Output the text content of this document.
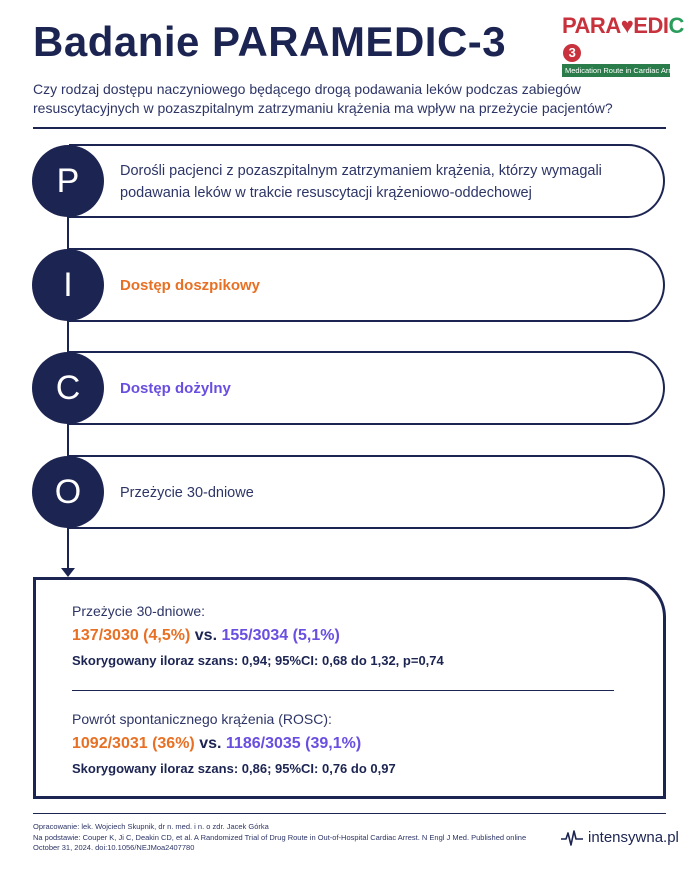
Badanie PARAMEDIC-3	PARA♥EDIC3
Medication Route in Cardiac Arrest
Czy rodzaj dostępu naczyniowego będącego drogą podawania leków podczas zabiegów resuscytacyjnych w pozaszpitalnym zatrzymaniu krążenia ma wpływ na przeżycie pacjentów?
P	Dorośli pacjenci z pozaszpitalnym zatrzymaniem krążenia, którzy wymagali podawania leków w trakcie resuscytacji krążeniowo-oddechowej
I	Dostęp doszpikowy
C	Dostęp dożylny
O	Przeżycie 30-dniowe
Przeżycie 30-dniowe:
137/3030 (4,5%) vs. 155/3034 (5,1%)
Skorygowany iloraz szans: 0,94; 95%CI: 0,68 do 1,32, p=0,74
Powrót spontanicznego krążenia (ROSC):
1092/3031 (36%) vs. 1186/3035 (39,1%)
Skorygowany iloraz szans: 0,86; 95%CI: 0,76 do 0,97
Opracowanie: lek. Wojciech Skupnik, dr n. med. i n. o zdr. Jacek Górka
Na podstawie: Couper K, Ji C, Deakin CD, et al. A Randomized Trial of Drug Route in Out-of-Hospital Cardiac Arrest. N Engl J Med. Published online
October 31, 2024. doi:10.1056/NEJMoa2407780
intensywna.pl
